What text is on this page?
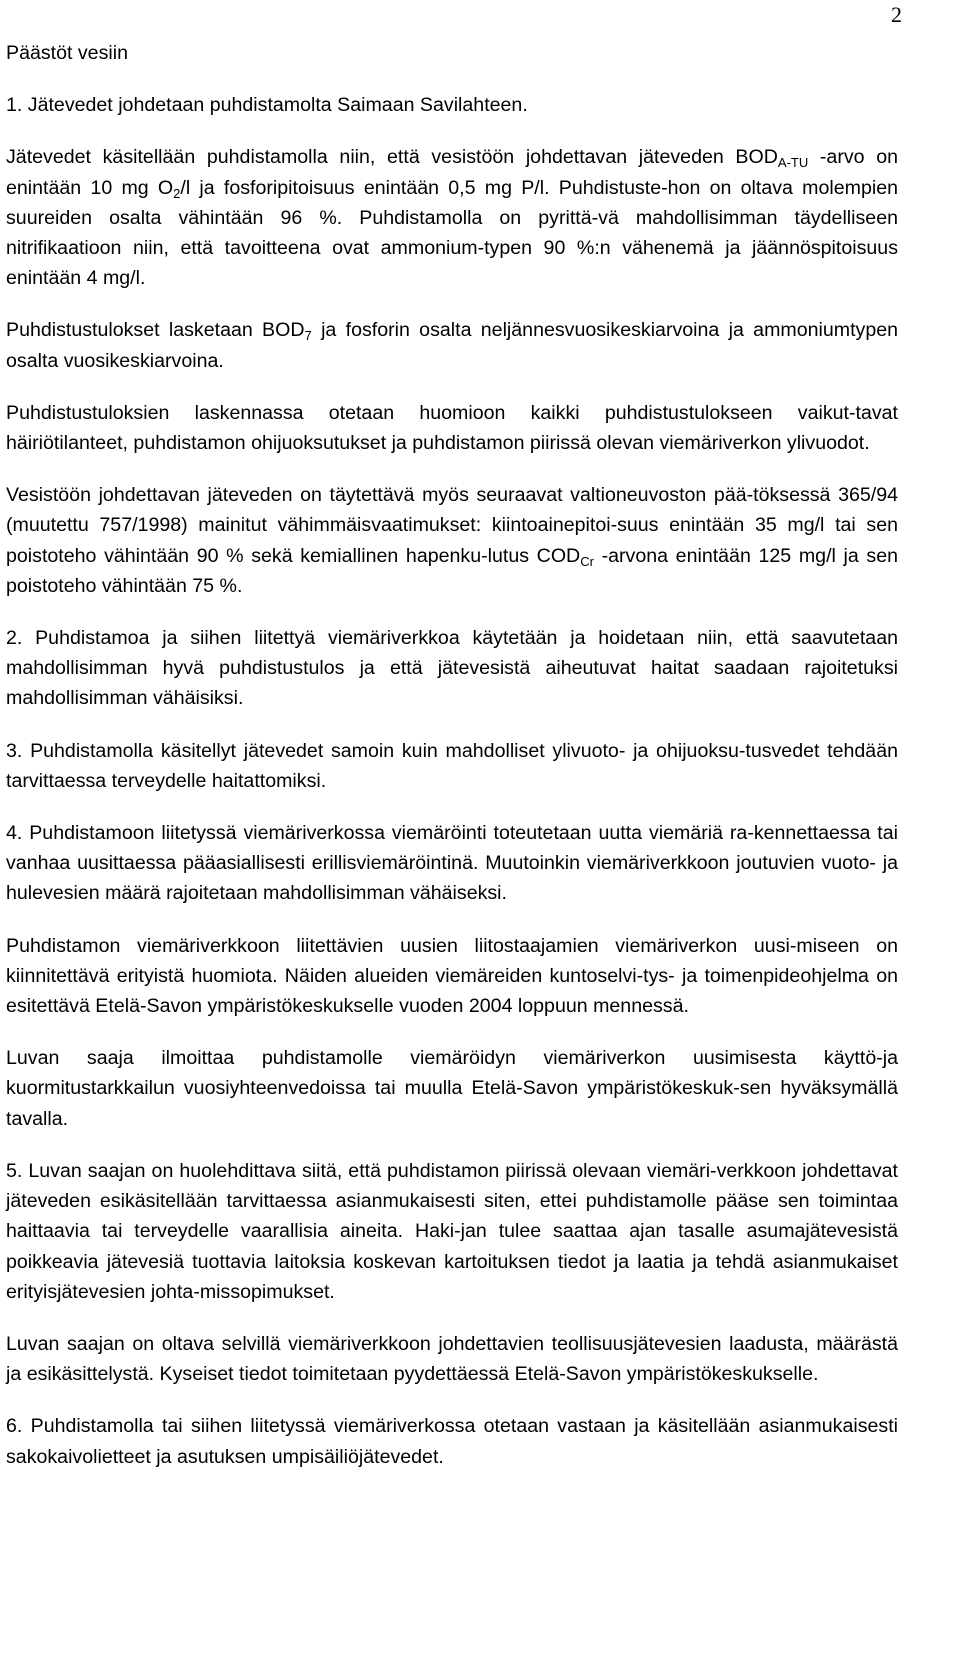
2

Päästöt vesiin

1. Jätevedet johdetaan puhdistamolta Saimaan Savilahteen.

Jätevedet käsitellään puhdistamolla niin, että vesistöön johdettavan jäteveden $BOD_{A-TU}$ -arvo on enintään 10 mg $O_2/l$ ja fosforipitoisuus enintään 0,5 mg P/l. Puhdistuste-hon on oltava molempien suureiden osalta vähintään 96 %. Puhdistamolla on pyrittä-vä mahdollisimman täydelliseen nitrifikaatioon niin, että tavoitteena ovat ammonium-typen 90 %:n vähenemä ja jäännöspitoisuus enintään 4 mg/l.

Puhdistustulokset lasketaan $BOD_7$ ja fosforin osalta neljännesvuosikeskiarvoina ja ammoniumtypen osalta vuosikeskiarvoina.

Puhdistustuloksien laskennassa otetaan huomioon kaikki puhdistustulokseen vaikut-tavat häiriötilanteet, puhdistamon ohijuoksutukset ja puhdistamon piirissä olevan viemäriverkon ylivuodot.

Vesistöön johdettavan jäteveden on täytettävä myös seuraavat valtioneuvoston pää-töksessä 365/94 (muutettu 757/1998) mainitut vähimmäisvaatimukset: kiintoainepitoi-suus enintään 35 mg/l tai sen poistoteho vähintään 90 % sekä kemiallinen hapenku-lutus $COD_{Cr}$ -arvona enintään 125 mg/l ja sen poistoteho vähintään 75 %.

2. Puhdistamoa ja siihen liitettyä viemäriverkkoa käytetään ja hoidetaan niin, että saavutetaan mahdollisimman hyvä puhdistustulos ja että jätevesistä aiheutuvat haitat saadaan rajoitetuksi mahdollisimman vähäisiksi.

3. Puhdistamolla käsitellyt jätevedet samoin kuin mahdolliset ylivuoto- ja ohijuoksu-tusvedet tehdään tarvittaessa terveydelle haitattomiksi.

4. Puhdistamoon liitetyssä viemäriverkossa viemäröinti toteutetaan uutta viemäriä ra-kennettaessa tai vanhaa uusittaessa pääasiallisesti erillisviemäröintinä. Muutoinkin viemäriverkkoon joutuvien vuoto- ja hulevesien määrä rajoitetaan mahdollisimman vähäiseksi.

Puhdistamon viemäriverkkoon liitettävien uusien liitostaajamien viemäriverkon uusi-miseen on kiinnitettävä erityistä huomiota. Näiden alueiden viemäreiden kuntoselvi-tys- ja toimenpideohjelma on esitettävä Etelä-Savon ympäristökeskukselle vuoden 2004 loppuun mennessä.

Luvan saaja ilmoittaa puhdistamolle viemäröidyn viemäriverkon uusimisesta käyttö-ja kuormitustarkkailun vuosiyhteenvedoissa tai muulla Etelä-Savon ympäristökeskuk-sen hyväksymällä tavalla.

5. Luvan saajan on huolehdittava siitä, että puhdistamon piirissä olevaan viemäri-verkkoon johdettavat jäteveden esikäsitellään tarvittaessa asianmukaisesti siten, ettei puhdistamolle pääse sen toimintaa haittaavia tai terveydelle vaarallisia aineita. Haki-jan tulee saattaa ajan tasalle asumajätevesistä poikkeavia jätevesiä tuottavia laitoksia koskevan kartoituksen tiedot ja laatia ja tehdä asianmukaiset erityisjätevesien johta-missopimukset.

Luvan saajan on oltava selvillä viemäriverkkoon johdettavien teollisuusjätevesien laadusta, määrästä ja esikäsittelystä. Kyseiset tiedot toimitetaan pyydettäessä Etelä-Savon ympäristökeskukselle.

6. Puhdistamolla tai siihen liitetyssä viemäriverkossa otetaan vastaan ja käsitellään asianmukaisesti sakokaivolietteet ja asutuksen umpisäiliöjätevedet.
